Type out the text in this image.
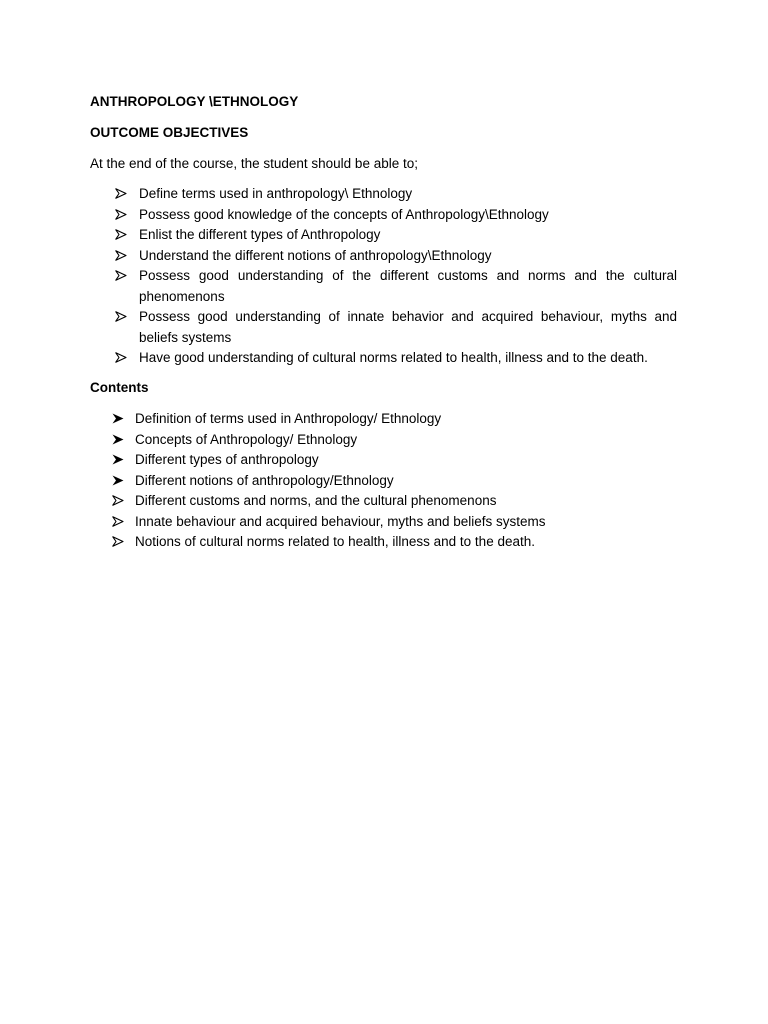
ANTHROPOLOGY \ETHNOLOGY
OUTCOME OBJECTIVES

At the end of the course, the student should be able to;

Define terms used in anthropology\ Ethnology
Possess good knowledge of the concepts of Anthropology\Ethnology
Enlist the different types of Anthropology
Understand the different notions of anthropology\Ethnology
Possess good understanding of the different customs and norms and the cultural phenomenons
Possess good understanding of innate behavior and acquired behaviour, myths and beliefs systems
Have good understanding of cultural norms related to health, illness and to the death.
Contents
Definition of terms used in Anthropology/ Ethnology
Concepts of Anthropology/ Ethnology
Different types of anthropology
Different notions of anthropology/Ethnology
Different customs and norms, and the cultural phenomenons
Innate behaviour and acquired behaviour, myths and beliefs systems
Notions of cultural norms related to health, illness and to the death.
